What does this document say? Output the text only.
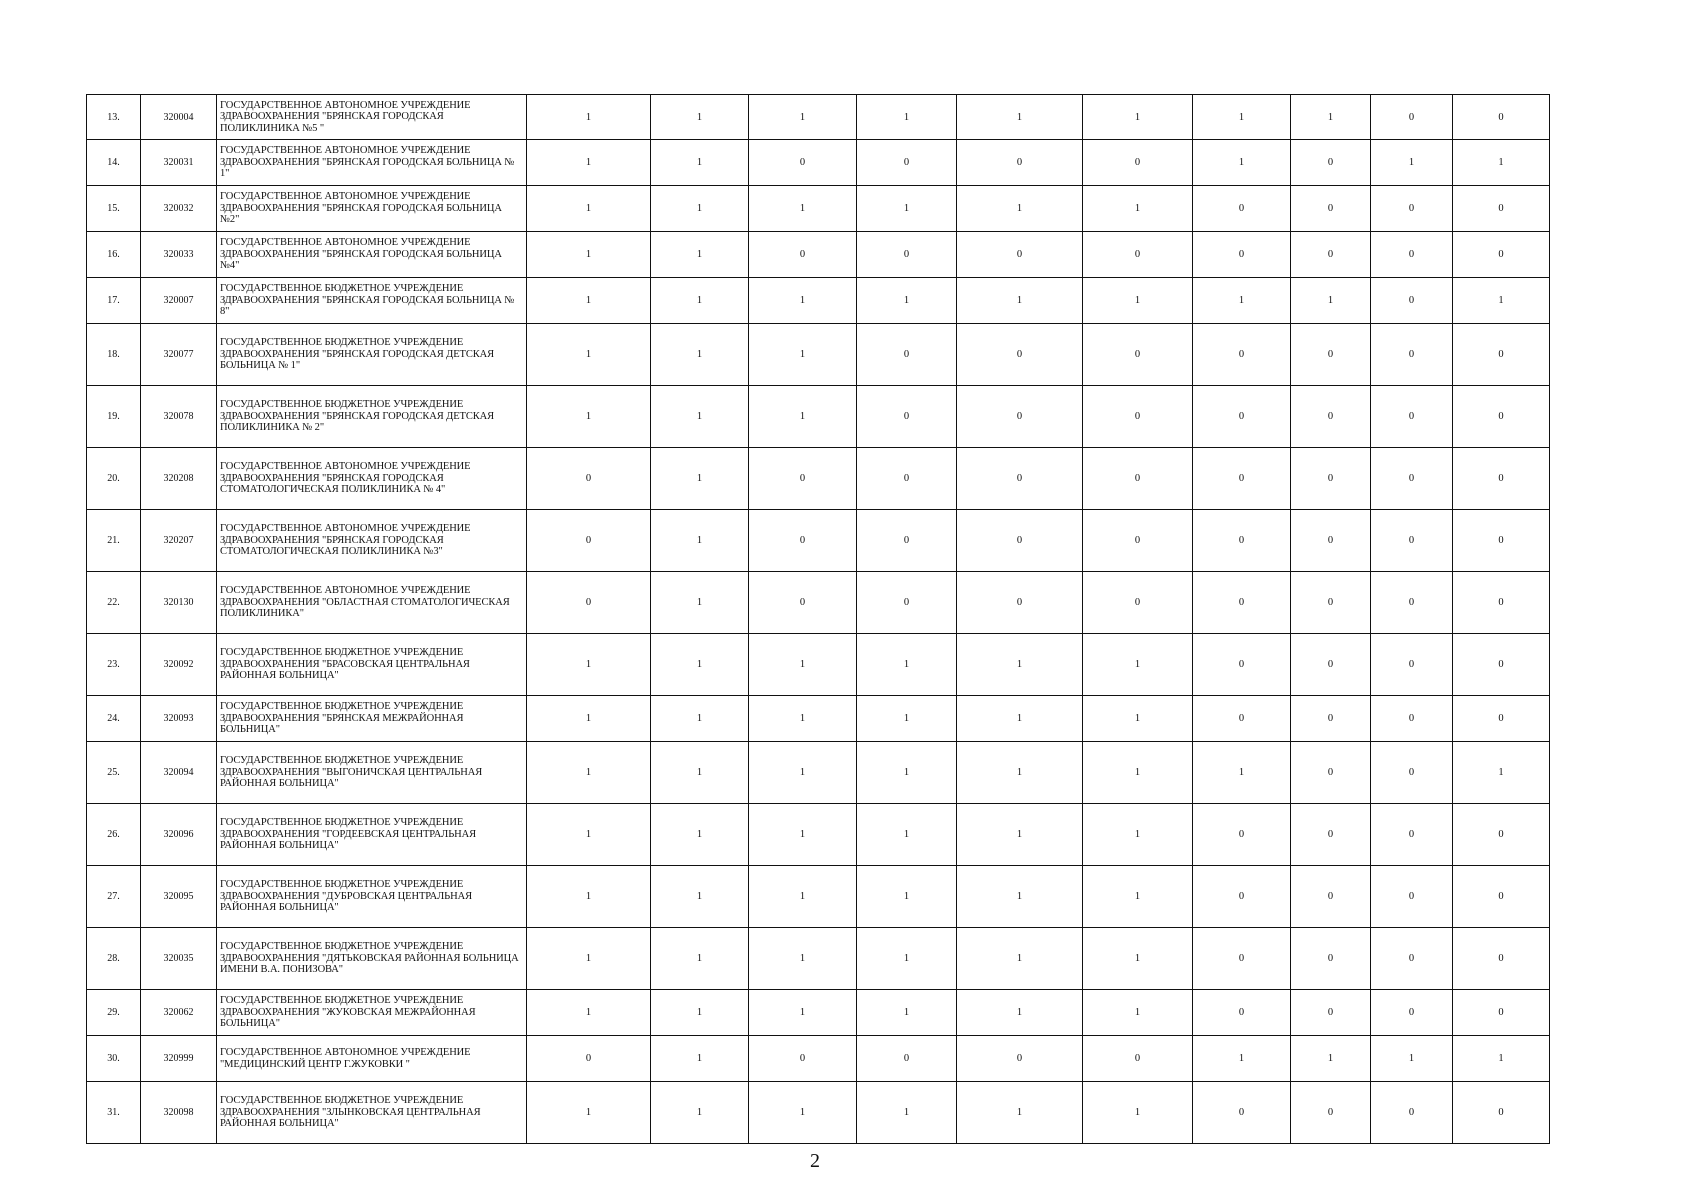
13.	320004	ГОСУДАРСТВЕННОЕ АВТОНОМНОЕ УЧРЕЖДЕНИЕ ЗДРАВООХРАНЕНИЯ "БРЯНСКАЯ ГОРОДСКАЯ ПОЛИКЛИНИКА №5 "	1	1	1	1	1	1	1	1	0	0
14.	320031	ГОСУДАРСТВЕННОЕ АВТОНОМНОЕ УЧРЕЖДЕНИЕ ЗДРАВООХРАНЕНИЯ "БРЯНСКАЯ ГОРОДСКАЯ БОЛЬНИЦА № 1"	1	1	0	0	0	0	1	0	1	1
15.	320032	ГОСУДАРСТВЕННОЕ АВТОНОМНОЕ УЧРЕЖДЕНИЕ ЗДРАВООХРАНЕНИЯ "БРЯНСКАЯ ГОРОДСКАЯ БОЛЬНИЦА №2"	1	1	1	1	1	1	0	0	0	0
16.	320033	ГОСУДАРСТВЕННОЕ АВТОНОМНОЕ УЧРЕЖДЕНИЕ ЗДРАВООХРАНЕНИЯ "БРЯНСКАЯ ГОРОДСКАЯ БОЛЬНИЦА №4"	1	1	0	0	0	0	0	0	0	0
17.	320007	ГОСУДАРСТВЕННОЕ БЮДЖЕТНОЕ УЧРЕЖДЕНИЕ ЗДРАВООХРАНЕНИЯ "БРЯНСКАЯ ГОРОДСКАЯ БОЛЬНИЦА № 8"	1	1	1	1	1	1	1	1	0	1
18.	320077	ГОСУДАРСТВЕННОЕ БЮДЖЕТНОЕ УЧРЕЖДЕНИЕ ЗДРАВООХРАНЕНИЯ "БРЯНСКАЯ ГОРОДСКАЯ ДЕТСКАЯ БОЛЬНИЦА № 1"	1	1	1	0	0	0	0	0	0	0
19.	320078	ГОСУДАРСТВЕННОЕ БЮДЖЕТНОЕ УЧРЕЖДЕНИЕ ЗДРАВООХРАНЕНИЯ "БРЯНСКАЯ ГОРОДСКАЯ ДЕТСКАЯ ПОЛИКЛИНИКА № 2"	1	1	1	0	0	0	0	0	0	0
20.	320208	ГОСУДАРСТВЕННОЕ АВТОНОМНОЕ УЧРЕЖДЕНИЕ ЗДРАВООХРАНЕНИЯ "БРЯНСКАЯ ГОРОДСКАЯ СТОМАТОЛОГИЧЕСКАЯ ПОЛИКЛИНИКА № 4"	0	1	0	0	0	0	0	0	0	0
21.	320207	ГОСУДАРСТВЕННОЕ АВТОНОМНОЕ УЧРЕЖДЕНИЕ ЗДРАВООХРАНЕНИЯ "БРЯНСКАЯ ГОРОДСКАЯ СТОМАТОЛОГИЧЕСКАЯ ПОЛИКЛИНИКА №3"	0	1	0	0	0	0	0	0	0	0
22.	320130	ГОСУДАРСТВЕННОЕ АВТОНОМНОЕ УЧРЕЖДЕНИЕ ЗДРАВООХРАНЕНИЯ "ОБЛАСТНАЯ СТОМАТОЛОГИЧЕСКАЯ ПОЛИКЛИНИКА"	0	1	0	0	0	0	0	0	0	0
23.	320092	ГОСУДАРСТВЕННОЕ БЮДЖЕТНОЕ УЧРЕЖДЕНИЕ ЗДРАВООХРАНЕНИЯ "БРАСОВСКАЯ ЦЕНТРАЛЬНАЯ РАЙОННАЯ БОЛЬНИЦА"	1	1	1	1	1	1	0	0	0	0
24.	320093	ГОСУДАРСТВЕННОЕ БЮДЖЕТНОЕ УЧРЕЖДЕНИЕ ЗДРАВООХРАНЕНИЯ "БРЯНСКАЯ МЕЖРАЙОННАЯ БОЛЬНИЦА"	1	1	1	1	1	1	0	0	0	0
25.	320094	ГОСУДАРСТВЕННОЕ БЮДЖЕТНОЕ УЧРЕЖДЕНИЕ ЗДРАВООХРАНЕНИЯ "ВЫГОНИЧСКАЯ ЦЕНТРАЛЬНАЯ РАЙОННАЯ БОЛЬНИЦА"	1	1	1	1	1	1	1	0	0	1
26.	320096	ГОСУДАРСТВЕННОЕ БЮДЖЕТНОЕ УЧРЕЖДЕНИЕ ЗДРАВООХРАНЕНИЯ "ГОРДЕЕВСКАЯ ЦЕНТРАЛЬНАЯ РАЙОННАЯ БОЛЬНИЦА"	1	1	1	1	1	1	0	0	0	0
27.	320095	ГОСУДАРСТВЕННОЕ БЮДЖЕТНОЕ УЧРЕЖДЕНИЕ ЗДРАВООХРАНЕНИЯ "ДУБРОВСКАЯ ЦЕНТРАЛЬНАЯ РАЙОННАЯ БОЛЬНИЦА"	1	1	1	1	1	1	0	0	0	0
28.	320035	ГОСУДАРСТВЕННОЕ БЮДЖЕТНОЕ УЧРЕЖДЕНИЕ ЗДРАВООХРАНЕНИЯ "ДЯТЬКОВСКАЯ РАЙОННАЯ БОЛЬНИЦА ИМЕНИ В.А. ПОНИЗОВА"	1	1	1	1	1	1	0	0	0	0
29.	320062	ГОСУДАРСТВЕННОЕ БЮДЖЕТНОЕ УЧРЕЖДЕНИЕ ЗДРАВООХРАНЕНИЯ "ЖУКОВСКАЯ МЕЖРАЙОННАЯ БОЛЬНИЦА"	1	1	1	1	1	1	0	0	0	0
30.	320999	ГОСУДАРСТВЕННОЕ АВТОНОМНОЕ УЧРЕЖДЕНИЕ "МЕДИЦИНСКИЙ ЦЕНТР Г.ЖУКОВКИ "	0	1	0	0	0	0	1	1	1	1
31.	320098	ГОСУДАРСТВЕННОЕ БЮДЖЕТНОЕ УЧРЕЖДЕНИЕ ЗДРАВООХРАНЕНИЯ "ЗЛЫНКОВСКАЯ ЦЕНТРАЛЬНАЯ РАЙОННАЯ БОЛЬНИЦА"	1	1	1	1	1	1	0	0	0	0
2
